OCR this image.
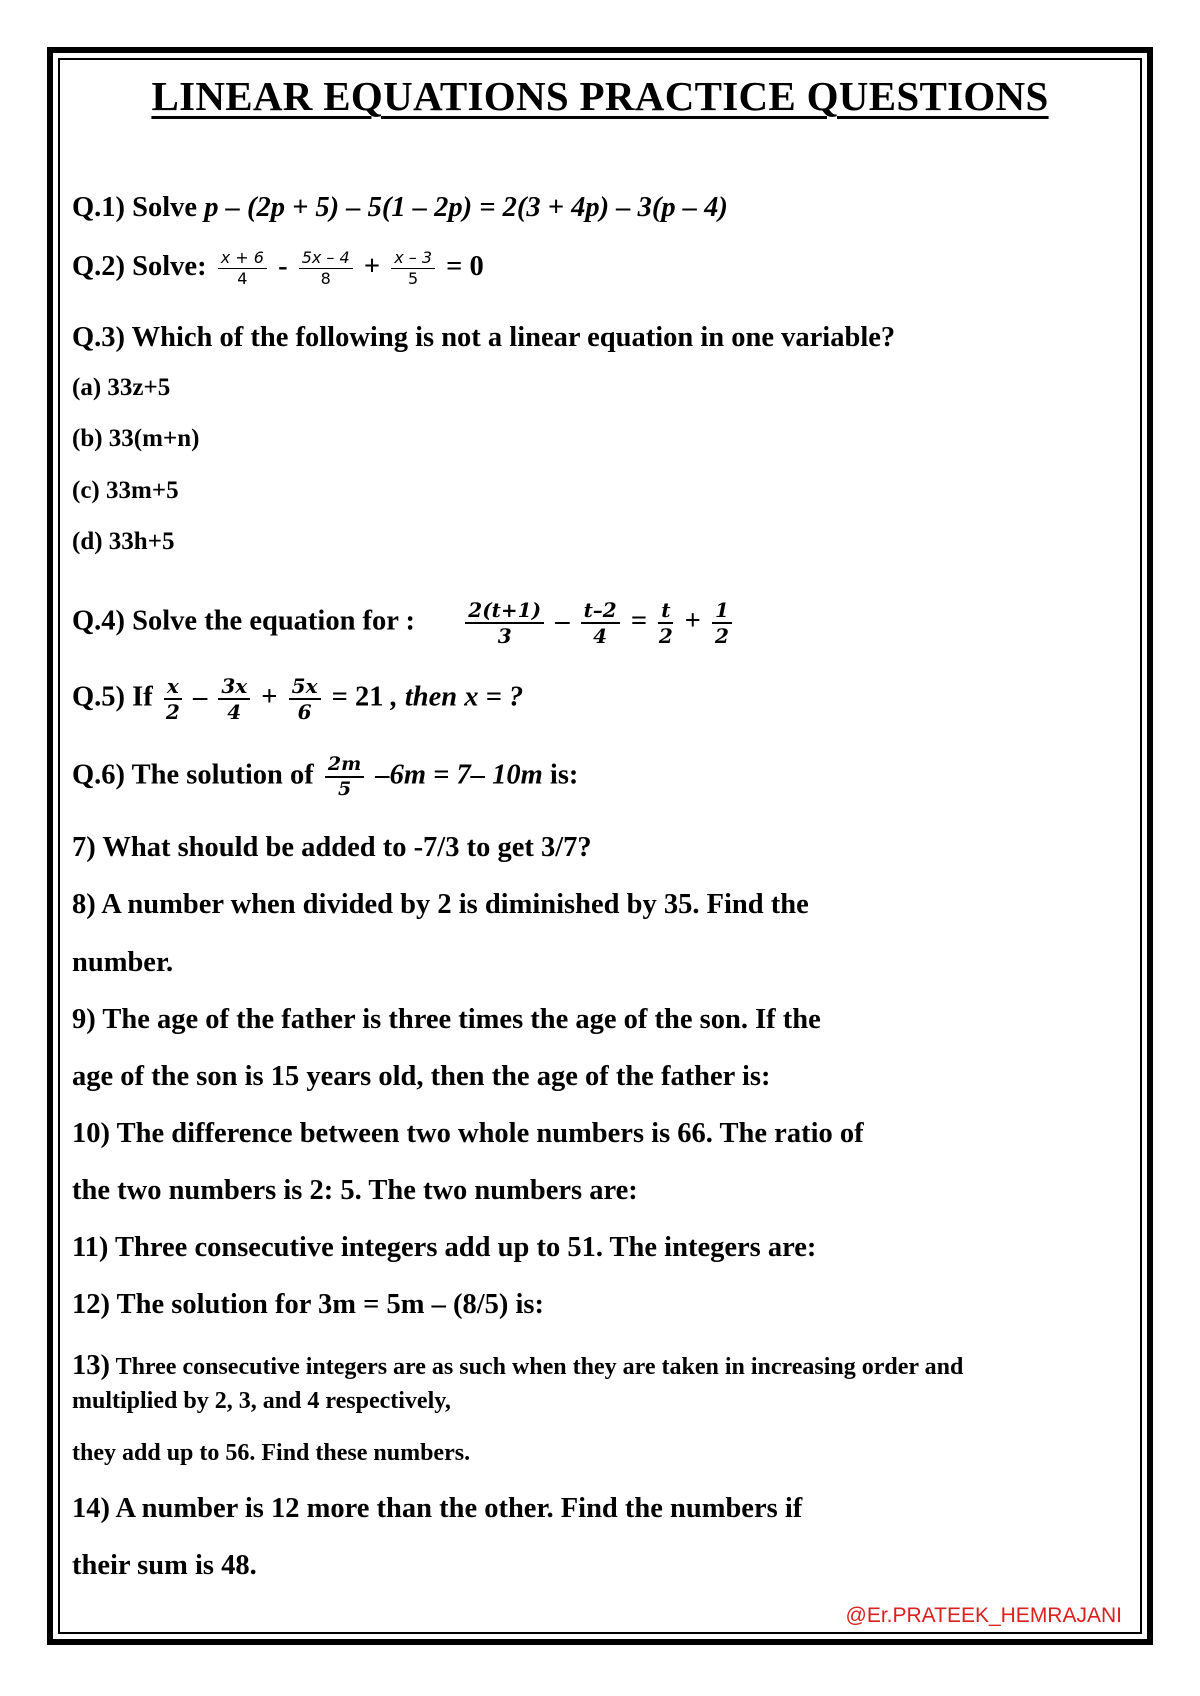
LINEAR EQUATIONS PRACTICE QUESTIONS
Q.1) Solve p – (2p + 5) – 5(1 – 2p) = 2(3 + 4p) – 3(p – 4)
Q.2) Solve: $\frac{x + 6}{4} - \frac{5x - 4}{8} + \frac{x - 3}{5} = 0$
Q.3) Which of the following is not a linear equation in one variable?
(a) 33z+5
(b) 33(m+n)
(c) 33m+5
(d) 33h+5
Q.4) Solve the equation for :	$\frac{2(t+1)}{3} - \frac{t-2}{4} = \frac{t}{2} + \frac{1}{2}$
Q.5) If $\frac{x}{2} - \frac{3x}{4} + \frac{5x}{6} = 21$ , then x = ?
Q.6) The solution of $\frac{2m}{5} -6m = 7-$ 10m is:
7) What should be added to -7/3 to get 3/7?
8) A number when divided by 2 is diminished by 35. Find the
number.
9) The age of the father is three times the age of the son. If the
age of the son is 15 years old, then the age of the father is:
10) The difference between two whole numbers is 66. The ratio of
the two numbers is 2: 5. The two numbers are:
11) Three consecutive integers add up to 51. The integers are:
12) The solution for 3m = 5m – (8/5) is:
13) Three consecutive integers are as such when they are taken in increasing order and
multiplied by 2, 3, and 4 respectively,
they add up to 56. Find these numbers.
14) A number is 12 more than the other. Find the numbers if
their sum is 48.
@Er.PRATEEK_HEMRAJANI
